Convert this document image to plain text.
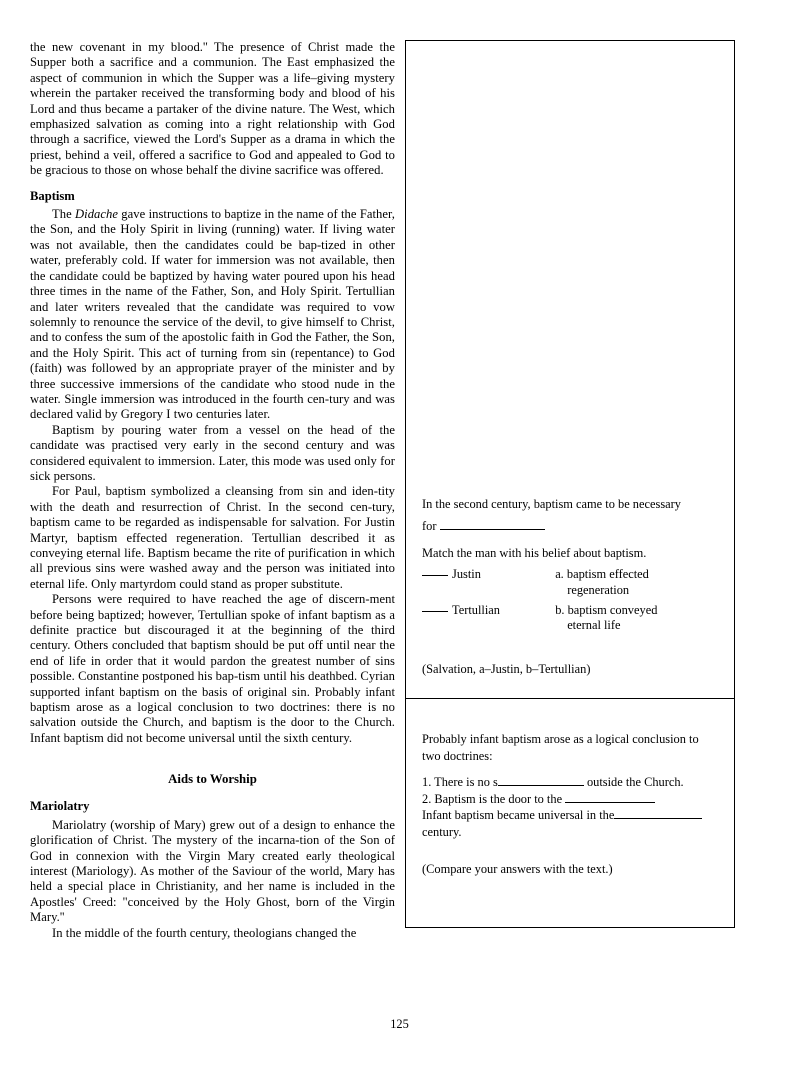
the new covenant in my blood.'' The presence of Christ made the Supper both a sacrifice and a communion. The East emphasized the aspect of communion in which the Supper was a life–giving mystery wherein the partaker received the transforming body and blood of his Lord and thus became a partaker of the divine nature. The West, which emphasized salvation as coming into a right relationship with God through a sacrifice, viewed the Lord's Supper as a drama in which the priest, behind a veil, offered a sacrifice to God and appealed to God to be gracious to those on whose behalf the divine sacrifice was offered.

Baptism

The Didache gave instructions to baptize in the name of the Father, the Son, and the Holy Spirit in living (running) water. If living water was not available, then the candidates could be bap-tized in other water, preferably cold. If water for immersion was not available, then the candidate could be baptized by having water poured upon his head three times in the name of the Father, Son, and Holy Spirit. Tertullian and later writers revealed that the candidate was required to vow solemnly to renounce the service of the devil, to give himself to Christ, and to confess the sum of the apostolic faith in God the Father, the Son, and the Holy Spirit. This act of turning from sin (repentance) to God (faith) was followed by an appropriate prayer of the minister and by three successive immersions of the candidate who stood nude in the water. Single immersion was introduced in the fourth cen-tury and was declared valid by Gregory I two centuries later.

Baptism by pouring water from a vessel on the head of the candidate was practised very early in the second century and was considered equivalent to immersion. Later, this mode was used only for sick persons.

For Paul, baptism symbolized a cleansing from sin and iden-tity with the death and resurrection of Christ. In the second cen-tury, baptism came to be regarded as indispensable for salvation. For Justin Martyr, baptism effected regeneration. Tertullian described it as conveying eternal life. Baptism became the rite of purification in which all previous sins were washed away and the person was initiated into eternal life. Only martyrdom could stand as proper substitute.

Persons were required to have reached the age of discern-ment before being baptized; however, Tertullian spoke of infant baptism as a definite practice but discouraged it at the beginning of the third century. Others concluded that baptism should be put off until near the end of life in order that it would pardon the greatest number of sins possible. Constantine postponed his bap-tism until his deathbed. Cyrian supported infant baptism on the basis of original sin. Probably infant baptism arose as a logical conclusion to two doctrines: there is no salvation outside the Church, and baptism is the door to the Church. Infant baptism did not become universal until the sixth century.

Aids to Worship
Mariolatry

Mariolatry (worship of Mary) grew out of a design to enhance the glorification of Christ. The mystery of the incarna-tion of the Son of God in connexion with the Virgin Mary created early theological interest (Mariology). As mother of the Saviour of the world, Mary has held a special place in Christianity, and her name is included in the Apostles' Creed: "conceived by the Holy Ghost, born of the Virgin Mary.''

In the middle of the fourth century, theologians changed the

In the second century, baptism came to be necessary

for

Match the man with his belief about baptism.

Justin	a. baptism effected
regeneration
Tertullian	b. baptism conveyed
eternal life
(Salvation, a–Justin, b–Tertullian)

Probably infant baptism arose as a logical conclusion to two doctrines:

1. There is no s	outside the Church.

2. Baptism is the door to the

Infant baptism became universal in the
century.

(Compare your answers with the text.)
125
